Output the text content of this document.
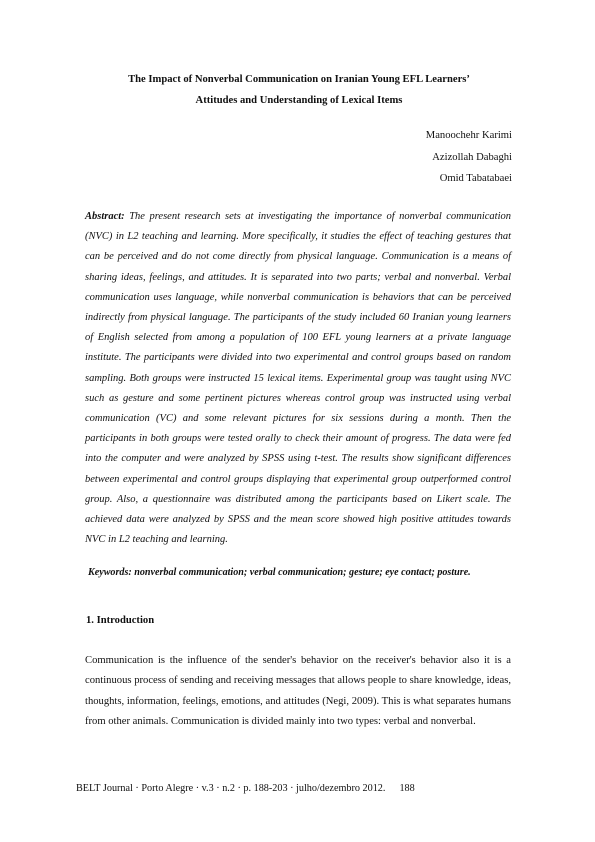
The Impact of Nonverbal Communication on Iranian Young EFL Learners’
Attitudes and Understanding of Lexical Items
Manoochehr Karimi
Azizollah Dabaghi
Omid Tabatabaei

Abstract: The present research sets at investigating the importance of nonverbal communication (NVC) in L2 teaching and learning. More specifically, it studies the effect of teaching gestures that can be perceived and do not come directly from physical language. Communication is a means of sharing ideas, feelings, and attitudes. It is separated into two parts; verbal and nonverbal. Verbal communication uses language, while nonverbal communication is behaviors that can be perceived indirectly from physical language. The participants of the study included 60 Iranian young learners of English selected from among a population of 100 EFL young learners at a private language institute. The participants were divided into two experimental and control groups based on random sampling. Both groups were instructed 15 lexical items. Experimental group was taught using NVC such as gesture and some pertinent pictures whereas control group was instructed using verbal communication (VC) and some relevant pictures for six sessions during a month. Then the participants in both groups were tested orally to check their amount of progress. The data were fed into the computer and were analyzed by SPSS using t-test. The results show significant differences between experimental and control groups displaying that experimental group outperformed control group. Also, a questionnaire was distributed among the participants based on Likert scale. The achieved data were analyzed by SPSS and the mean score showed high positive attitudes towards NVC in L2 teaching and learning.

Keywords: nonverbal communication; verbal communication; gesture; eye contact; posture.
1. Introduction

Communication is the influence of the sender's behavior on the receiver's behavior also it is a continuous process of sending and receiving messages that allows people to share knowledge, ideas, thoughts, information, feelings, emotions, and attitudes (Negi, 2009). This is what separates humans from other animals. Communication is divided mainly into two types: verbal and nonverbal.

BELT Journal · Porto Alegre · v.3 · n.2 · p. 188-203 · julho/dezembro 2012. 188
